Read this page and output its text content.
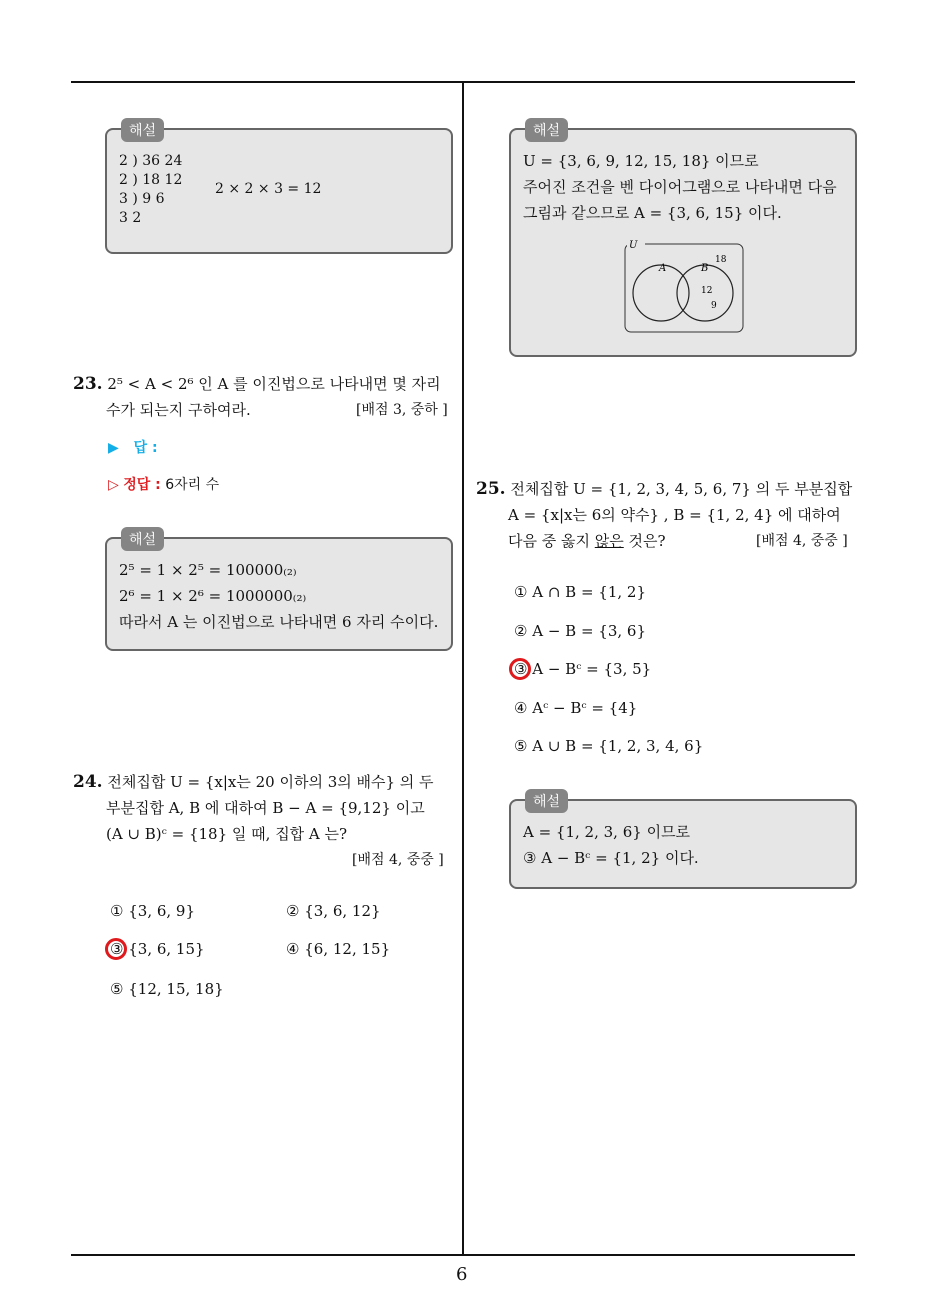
6
해설
2 ) 36 24
2 ) 18 12
3 ) 9 6
3 2
2 × 2 × 3 = 12
23. 2⁵ < A < 2⁶ 인 A 를 이진법으로 나타내면 몇 자리
수가 되는지 구하여라.	[배점 3, 중하 ]
▶ 답 :
▷ 정답 : 6자리 수
해설
2⁵ = 1 × 2⁵ = 100000₍₂₎
2⁶ = 1 × 2⁶ = 1000000₍₂₎
따라서 A 는 이진법으로 나타내면 6 자리 수이다.
24. 전체집합 U = {x|x는 20 이하의 3의 배수} 의 두
부분집합 A, B 에 대하여 B − A = {9,12} 이고
(A ∪ B)ᶜ = {18} 일 때, 집합 A 는?
[배점 4, 중중 ]
① {3, 6, 9}	② {3, 6, 12}
③ {3, 6, 15}	④ {6, 12, 15}
⑤ {12, 15, 18}
해설
U = {3, 6, 9, 12, 15, 18} 이므로
주어진 조건을 벤 다이어그램으로 나타내면 다음
그림과 같으므로 A = {3, 6, 15} 이다.
U
A	B
18
12
9
25. 전체집합 U = {1, 2, 3, 4, 5, 6, 7} 의 두 부분집합
A = {x|x는 6의 약수} , B = {1, 2, 4} 에 대하여
다음 중 옳지 않은 것은?	[배점 4, 중중 ]
① A ∩ B = {1, 2}
② A − B = {3, 6}
③ A − Bᶜ = {3, 5}
④ Aᶜ − Bᶜ = {4}
⑤ A ∪ B = {1, 2, 3, 4, 6}
해설
A = {1, 2, 3, 6} 이므로
③ A − Bᶜ = {1, 2} 이다.
